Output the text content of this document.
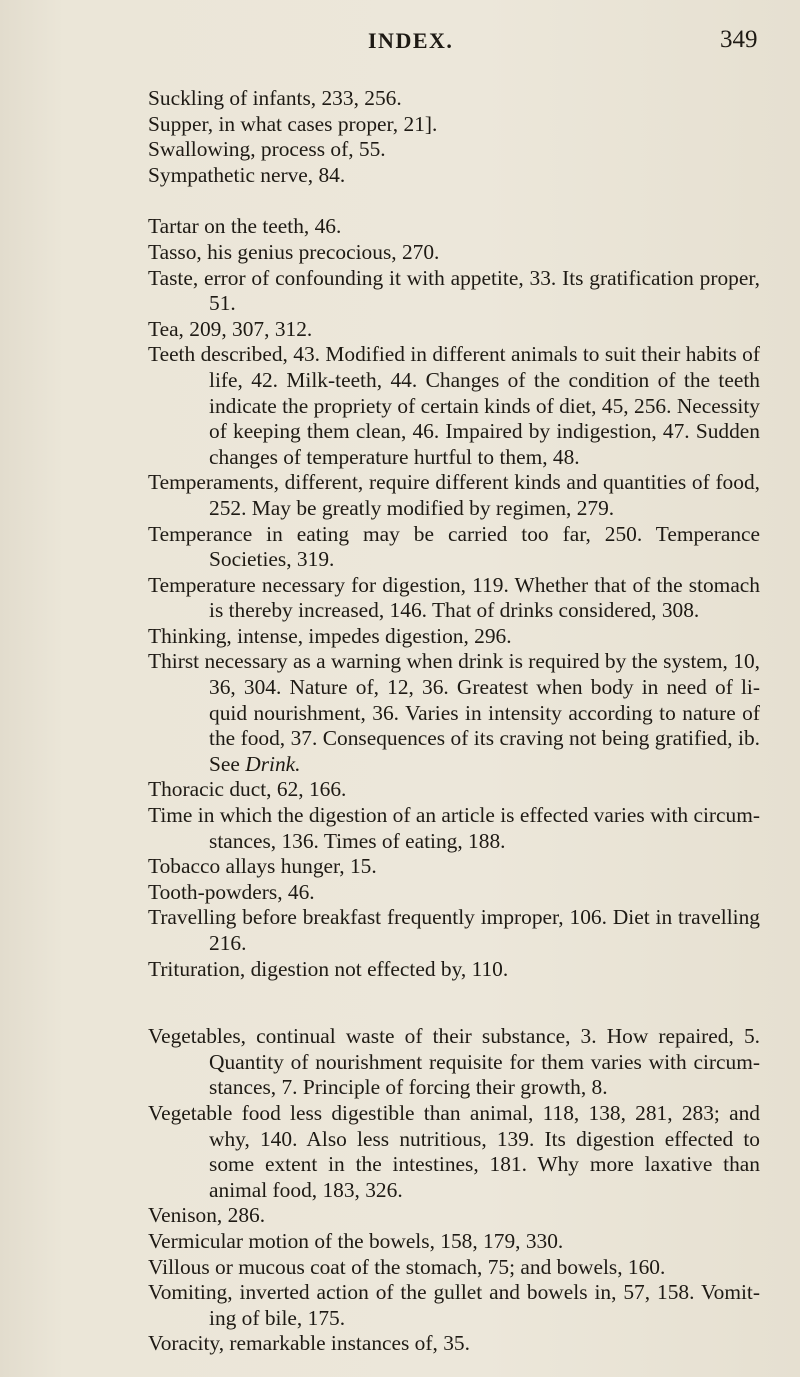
INDEX.	349

Suckling of infants, 233, 256.

Supper, in what cases proper, 21].

Swallowing, process of, 55.

Sympathetic nerve, 84.

Tartar on the teeth, 46.

Tasso, his genius precocious, 270.

Taste, error of confounding it with appetite, 33. Its gratification proper, 51.

Tea, 209, 307, 312.

Teeth described, 43. Modified in different animals to suit their habits of life, 42. Milk-teeth, 44. Changes of the condition of the teeth indicate the propriety of certain kinds of diet, 45, 256. Necessity of keeping them clean, 46. Impaired by indigestion, 47. Sudden changes of temperature hurtful to them, 48.

Temperaments, different, require different kinds and quantities of food, 252. May be greatly modified by regimen, 279.

Temperance in eating may be carried too far, 250. Temperance Societies, 319.

Temperature necessary for digestion, 119. Whether that of the stomach is thereby increased, 146. That of drinks considered, 308.

Thinking, intense, impedes digestion, 296.

Thirst necessary as a warning when drink is required by the system, 10, 36, 304. Nature of, 12, 36. Greatest when body in need of li-quid nourishment, 36. Varies in intensity according to nature of the food, 37. Consequences of its craving not being gratified, ib. See Drink.

Thoracic duct, 62, 166.

Time in which the digestion of an article is effected varies with circum-stances, 136. Times of eating, 188.

Tobacco allays hunger, 15.

Tooth-powders, 46.

Travelling before breakfast frequently improper, 106. Diet in travelling 216.

Trituration, digestion not effected by, 110.

Vegetables, continual waste of their substance, 3. How repaired, 5. Quantity of nourishment requisite for them varies with circum-stances, 7. Principle of forcing their growth, 8.

Vegetable food less digestible than animal, 118, 138, 281, 283; and why, 140. Also less nutritious, 139. Its digestion effected to some extent in the intestines, 181. Why more laxative than animal food, 183, 326.

Venison, 286.

Vermicular motion of the bowels, 158, 179, 330.

Villous or mucous coat of the stomach, 75; and bowels, 160.

Vomiting, inverted action of the gullet and bowels in, 57, 158. Vomit-ing of bile, 175.

Voracity, remarkable instances of, 35.
